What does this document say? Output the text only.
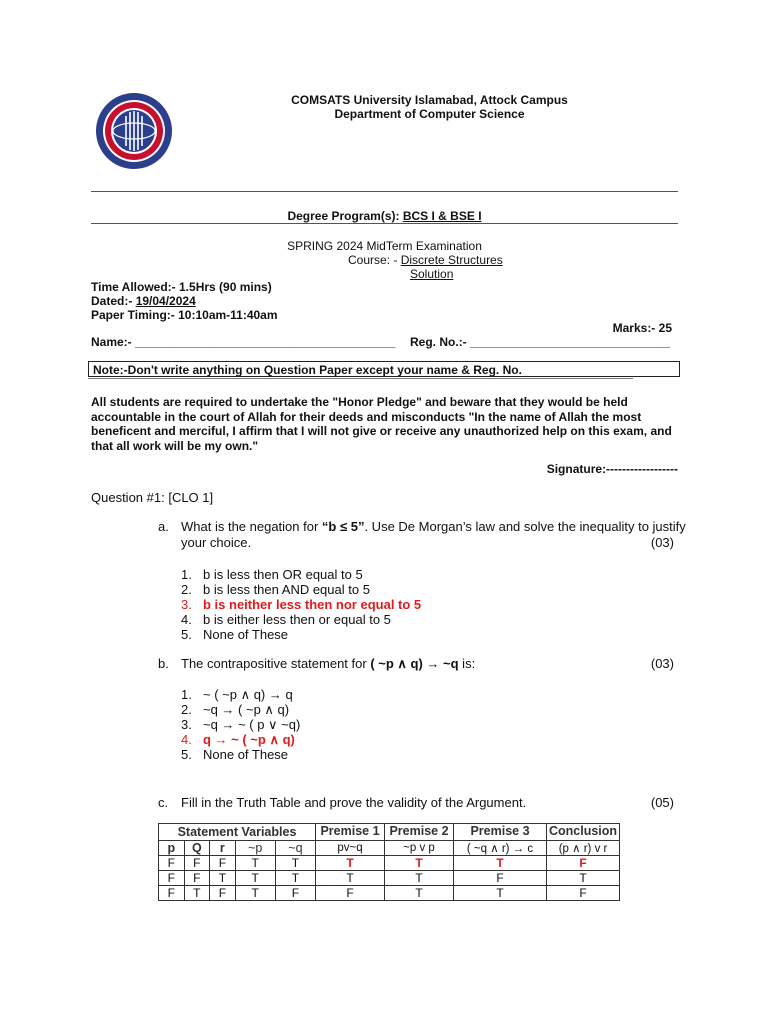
COMSATS University Islamabad, Attock Campus
Department of Computer Science
Degree Program(s): BCS I & BSE I
SPRING 2024 MidTerm Examination
Course: - Discrete Structures
Solution
Time Allowed:- 1.5Hrs (90 mins)
Dated:- 19/04/2024
Paper Timing:- 10:10am-11:40am
Marks:- 25
Name:- _______________________________________ Reg. No.:- ______________________________
Note:-Don't write anything on Question Paper except your name & Reg. No.
All students are required to undertake the "Honor Pledge" and beware that they would be held accountable in the court of Allah for their deeds and misconducts "In the name of Allah the most beneficent and merciful, I affirm that I will not give or receive any unauthorized help on this exam, and that all work will be my own."
Signature:------------------
Question #1: [CLO 1]
a. What is the negation for “b ≤ 5”. Use De Morgan’s law and solve the inequality to justify
your choice.	(03)
1. b is less then OR equal to 5
2. b is less then AND equal to 5
3. b is neither less then nor equal to 5
4. b is either less then or equal to 5
5. None of These
b. The contrapositive statement for ( ~p ∧ q) → ~q is:	(03)
1. ~ ( ~p ∧ q) → q
2. ~q → ( ~p ∧ q)
3. ~q → ~ ( p ∨ ~q)
4. q → ~ ( ~p ∧ q)
5. None of These
c. Fill in the Truth Table and prove the validity of the Argument.	(05)
Statement Variables					Premise 1	Premise 2	Premise 3	Conclusion
p	Q	r	~p	~q	pv~q	~p v p	( ~q ∧ r) → c	(p ∧ r) v r
F	F	F	T	T	T	T	T	F
F	F	T	T	T	T	T	F	T
F	T	F	T	F	F	T	T	F
